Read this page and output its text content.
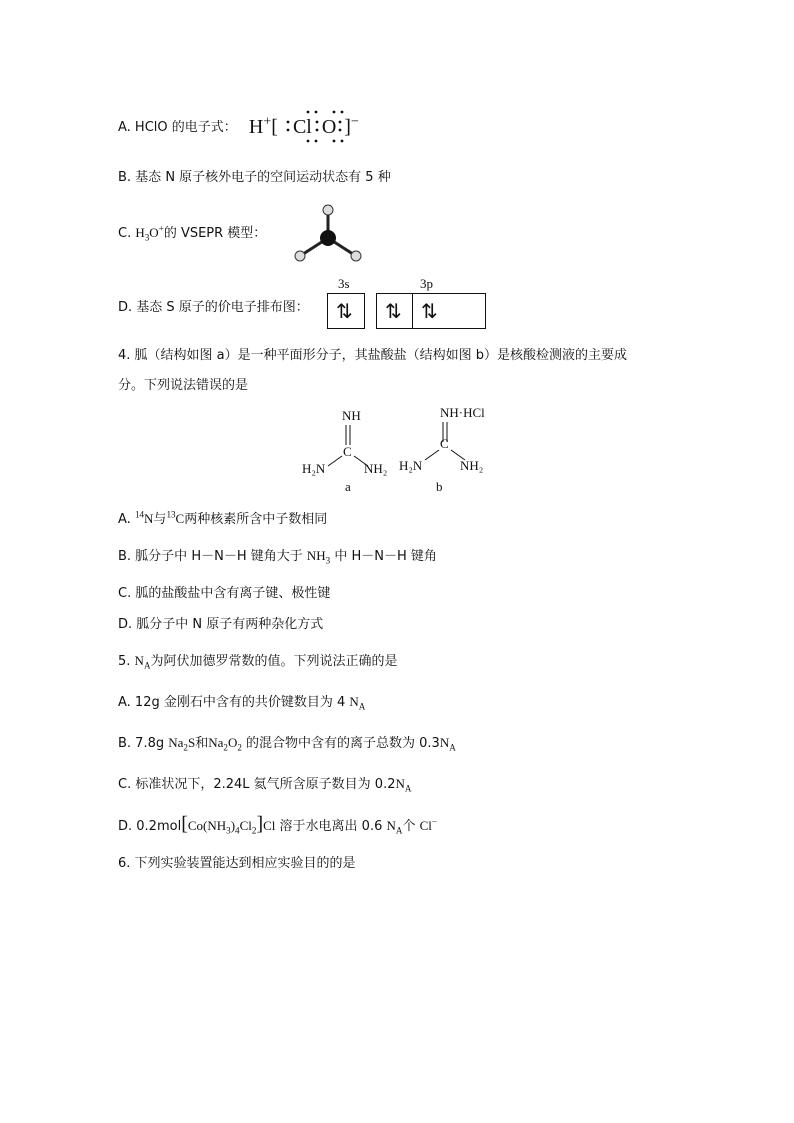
A. HClO 的电子式： H+[ Cl O ]−
B. 基态 N 原子核外电子的空间运动状态有 5 种
C. $H_3O^+$的 VSEPR 模型：
D. 基态 S 原子的价电子排布图：
3s	3p
⇅ ⇅ ⇅
4. 胍（结构如图 a）是一种平面形分子，其盐酸盐（结构如图 b）是核酸检测液的主要成
分。下列说法错误的是
NH
C
H₂N	NH₂
a
NH·HCl
C
H₂N	NH₂
b
A. $^{14}$N与$^{13}$C两种核素所含中子数相同
B. 胍分子中 H－N－H 键角大于 $NH_3$ 中 H－N－H 键角
C. 胍的盐酸盐中含有离子键、极性键
D. 胍分子中 N 原子有两种杂化方式
5. $N_A$为阿伏加德罗常数的值。下列说法正确的是
A. 12g 金刚石中含有的共价键数目为 4 $N_A$
B. 7.8g $Na_2S$和$Na_2O_2$ 的混合物中含有的离子总数为 $0.3N_A$
C. 标准状况下，2.24L 氦气所含原子数目为 $0.2N_A$
D. $0.2mol[Co(NH_3)_4Cl_2]Cl$ 溶于水电离出 0.6 $N_A$个 Cl−
6. 下列实验装置能达到相应实验目的的是
